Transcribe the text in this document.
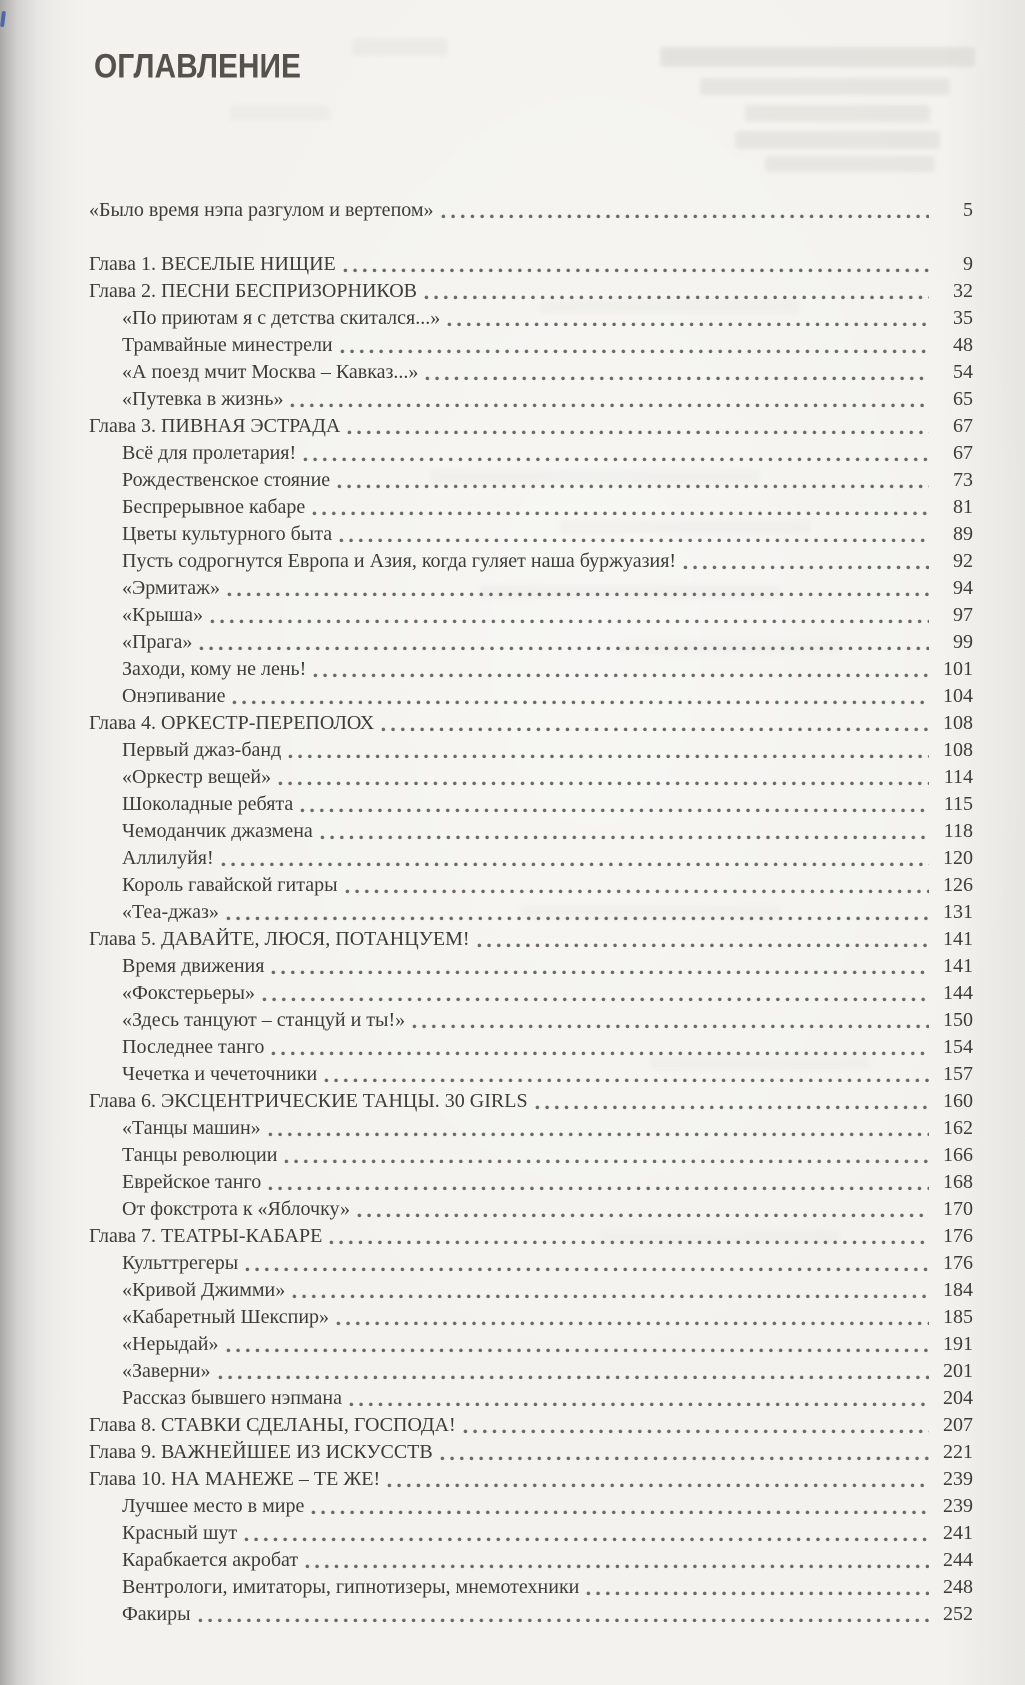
ОГЛАВЛЕНИЕ
«Было время нэпа разгулом и вертепом»	5
Глава 1. ВЕСЕЛЫЕ НИЩИЕ	9
Глава 2. ПЕСНИ БЕСПРИЗОРНИКОВ	32
«По приютам я с детства скитался...»	35
Трамвайные минестрели	48
«А поезд мчит Москва – Кавказ...»	54
«Путевка в жизнь»	65
Глава 3. ПИВНАЯ ЭСТРАДА	67
Всё для пролетария!	67
Рождественское стояние	73
Беспрерывное кабаре	81
Цветы культурного быта	89
Пусть содрогнутся Европа и Азия, когда гуляет наша буржуазия!	92
«Эрмитаж»	94
«Крыша»	97
«Прага»	99
Заходи, кому не лень!	101
Онэпивание	104
Глава 4. ОРКЕСТР-ПЕРЕПОЛОХ	108
Первый джаз-банд	108
«Оркестр вещей»	114
Шоколадные ребята	115
Чемоданчик джазмена	118
Аллилуйя!	120
Король гавайской гитары	126
«Теа-джаз»	131
Глава 5. ДАВАЙТЕ, ЛЮСЯ, ПОТАНЦУЕМ!	141
Время движения	141
«Фокстерьеры»	144
«Здесь танцуют – станцуй и ты!»	150
Последнее танго	154
Чечетка и чечеточники	157
Глава 6. ЭКСЦЕНТРИЧЕСКИЕ ТАНЦЫ. 30 GIRLS	160
«Танцы машин»	162
Танцы революции	166
Еврейское танго	168
От фокстрота к «Яблочку»	170
Глава 7. ТЕАТРЫ-КАБАРЕ	176
Культтрегеры	176
«Кривой Джимми»	184
«Кабаретный Шекспир»	185
«Нерыдай»	191
«Заверни»	201
Рассказ бывшего нэпмана	204
Глава 8. СТАВКИ СДЕЛАНЫ, ГОСПОДА!	207
Глава 9. ВАЖНЕЙШЕЕ ИЗ ИСКУССТВ	221
Глава 10. НА МАНЕЖЕ – ТЕ ЖЕ!	239
Лучшее место в мире	239
Красный шут	241
Карабкается акробат	244
Вентрологи, имитаторы, гипнотизеры, мнемотехники	248
Факиры	252
